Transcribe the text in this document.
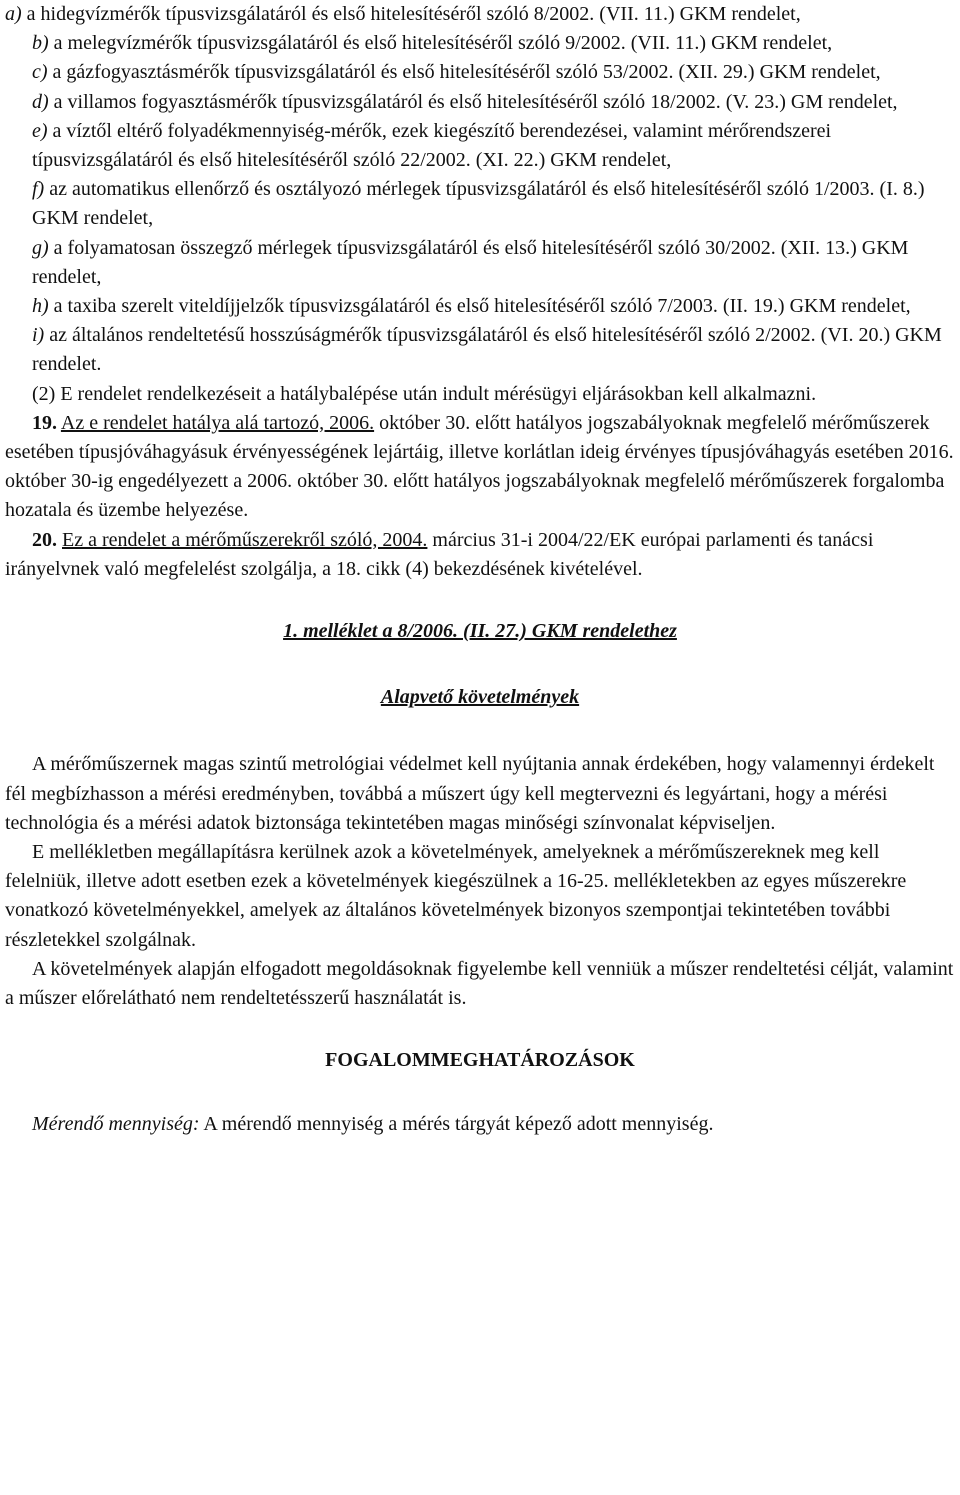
a) a hidegvízmérők típusvizsgálatáról és első hitelesítéséről szóló 8/2002. (VII. 11.) GKM rendelet,

b) a melegvízmérők típusvizsgálatáról és első hitelesítéséről szóló 9/2002. (VII. 11.) GKM rendelet,

c) a gázfogyasztásmérők típusvizsgálatáról és első hitelesítéséről szóló 53/2002. (XII. 29.) GKM rendelet,

d) a villamos fogyasztásmérők típusvizsgálatáról és első hitelesítéséről szóló 18/2002. (V. 23.) GM rendelet,

e) a víztől eltérő folyadékmennyiség-mérők, ezek kiegészítő berendezései, valamint mérőrendszerei típusvizsgálatáról és első hitelesítéséről szóló 22/2002. (XI. 22.) GKM rendelet,

f) az automatikus ellenőrző és osztályozó mérlegek típusvizsgálatáról és első hitelesítéséről szóló 1/2003. (I. 8.) GKM rendelet,

g) a folyamatosan összegző mérlegek típusvizsgálatáról és első hitelesítéséről szóló 30/2002. (XII. 13.) GKM rendelet,

h) a taxiba szerelt viteldíjjelzők típusvizsgálatáról és első hitelesítéséről szóló 7/2003. (II. 19.) GKM rendelet,

i) az általános rendeltetésű hosszúságmérők típusvizsgálatáról és első hitelesítéséről szóló 2/2002. (VI. 20.) GKM rendelet.

(2) E rendelet rendelkezéseit a hatálybalépése után indult mérésügyi eljárásokban kell alkalmazni.

19. Az e rendelet hatálya alá tartozó, 2006. október 30. előtt hatályos jogszabályoknak megfelelő mérőműszerek esetében típusjóváhagyásuk érvényességének lejártáig, illetve korlátlan ideig érvényes típusjóváhagyás esetében 2016. október 30-ig engedélyezett a 2006. október 30. előtt hatályos jogszabályoknak megfelelő mérőműszerek forgalomba hozatala és üzembe helyezése.

20. Ez a rendelet a mérőműszerekről szóló, 2004. március 31-i 2004/22/EK európai parlamenti és tanácsi irányelvnek való megfelelést szolgálja, a 18. cikk (4) bekezdésének kivételével.

1. melléklet a 8/2006. (II. 27.) GKM rendelethez

Alapvető követelmények

A mérőműszernek magas szintű metrológiai védelmet kell nyújtania annak érdekében, hogy valamennyi érdekelt fél megbízhasson a mérési eredményben, továbbá a műszert úgy kell megtervezni és legyártani, hogy a mérési technológia és a mérési adatok biztonsága tekintetében magas minőségi színvonalat képviseljen.

E mellékletben megállapításra kerülnek azok a követelmények, amelyeknek a mérőműszereknek meg kell felelniük, illetve adott esetben ezek a követelmények kiegészülnek a 16-25. mellékletekben az egyes műszerekre vonatkozó követelményekkel, amelyek az általános követelmények bizonyos szempontjai tekintetében további részletekkel szolgálnak.

A követelmények alapján elfogadott megoldásoknak figyelembe kell venniük a műszer rendeltetési célját, valamint a műszer előrelátható nem rendeltetésszerű használatát is.

FOGALOMMEGHATÁROZÁSOK

Mérendő mennyiség: A mérendő mennyiség a mérés tárgyát képező adott mennyiség.
